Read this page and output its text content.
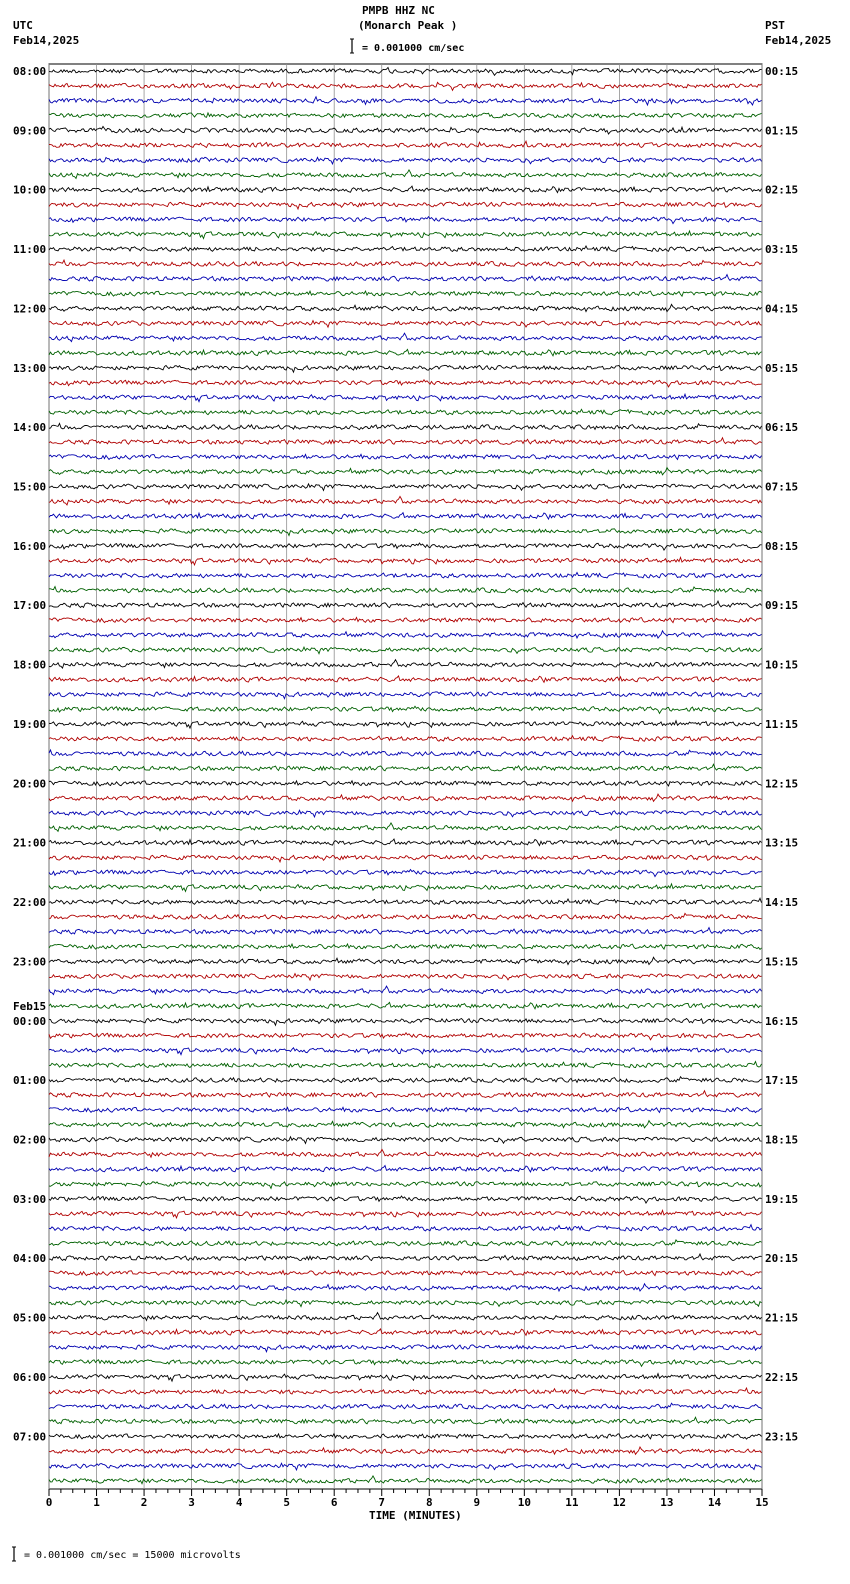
08:00	00:15
09:00	01:15
10:00	02:15
11:00	03:15
12:00	04:15
13:00	05:15
14:00	06:15
15:00	07:15
16:00	08:15
17:00	09:15
18:00	10:15
19:00	11:15
20:00	12:15
21:00	13:15
22:00	14:15
23:00	15:15
00:00	16:15
Feb15
01:00	17:15
02:00	18:15
03:00	19:15
04:00	20:15
05:00	21:15
06:00	22:15
07:00	23:15
0	1	2	3	4	5	6	7	8	9	10	11	12	13	14	15
PMPB HHZ NC
(Monarch Peak )
= 0.001000 cm/sec
UTC
Feb14,2025
PST
Feb14,2025
TIME (MINUTES)
= 0.001000 cm/sec = 15000 microvolts
